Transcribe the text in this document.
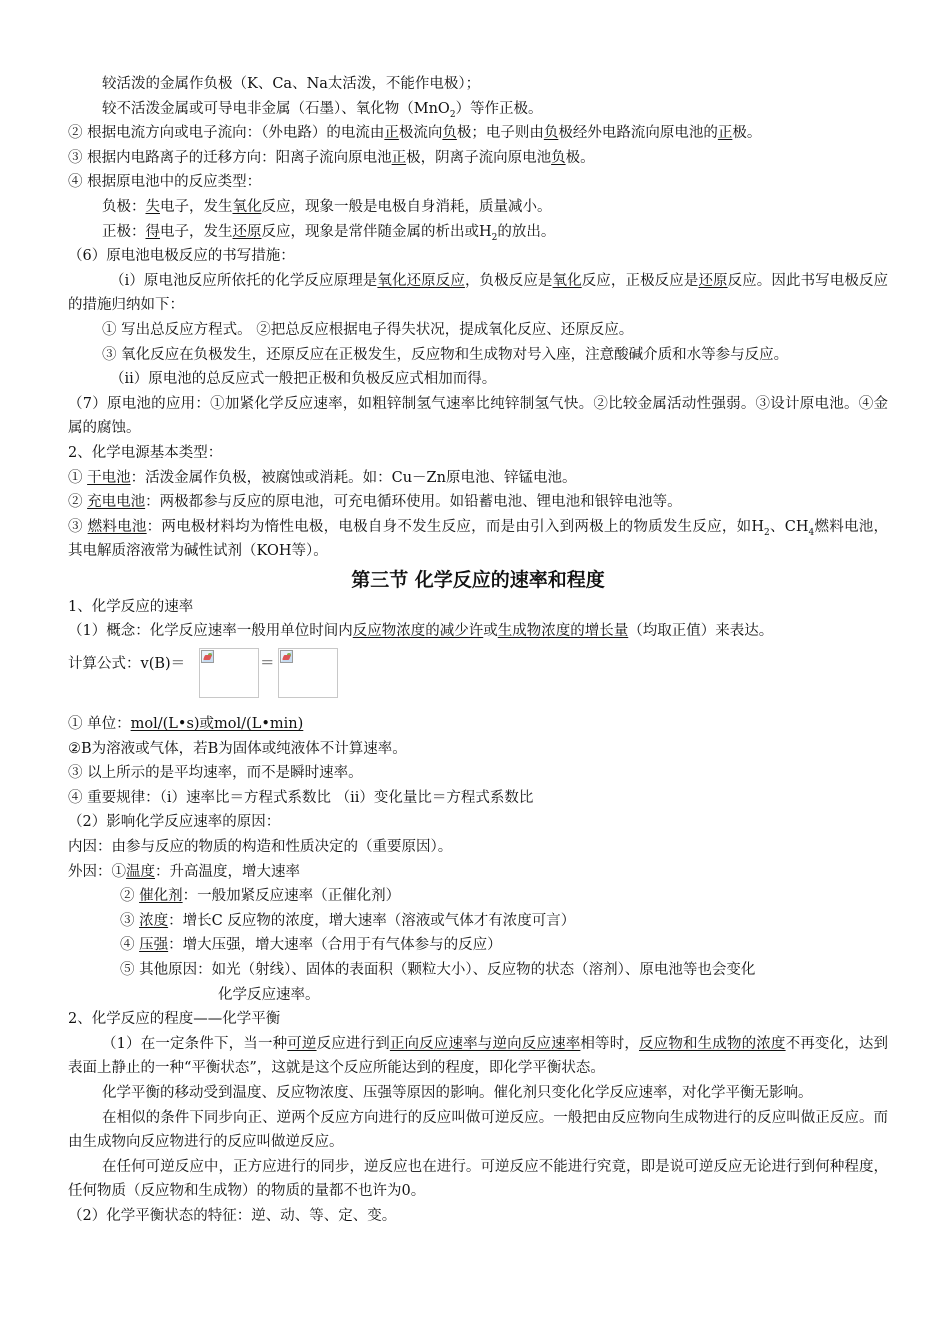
较活泼的金属作负极（K、Ca、Na太活泼，不能作电极）；
较不活泼金属或可导电非金属（石墨）、氧化物（MnO$_2$）等作正极。
② 根据电流方向或电子流向：（外电路）的电流由正极流向负极；电子则由负极经外电路流向原电池的正极。
③ 根据内电路离子的迁移方向：阳离子流向原电池正极，阴离子流向原电池负极。
④ 根据原电池中的反应类型：
负极：失电子，发生氧化反应，现象一般是电极自身消耗，质量减小。
正极：得电子，发生还原反应，现象是常伴随金属的析出或$H_2$的放出。
（6）原电池电极反应的书写措施：
（i）原电池反应所依托的化学反应原理是氧化还原反应，负极反应是氧化反应，正极反应是还原反应。因此书写电极反应的措施归纳如下：
① 写出总反应方程式。 ②把总反应根据电子得失状况，提成氧化反应、还原反应。
③ 氧化反应在负极发生，还原反应在正极发生，反应物和生成物对号入座，注意酸碱介质和水等参与反应。
（ii）原电池的总反应式一般把正极和负极反应式相加而得。
（7）原电池的应用：①加紧化学反应速率，如粗锌制氢气速率比纯锌制氢气快。②比较金属活动性强弱。③设计原电池。④金属的腐蚀。
2、化学电源基本类型：
① 干电池：活泼金属作负极，被腐蚀或消耗。如：Cu－Zn原电池、锌锰电池。
② 充电电池：两极都参与反应的原电池，可充电循环使用。如铅蓄电池、锂电池和银锌电池等。
③ 燃料电池：两电极材料均为惰性电极，电极自身不发生反应，而是由引入到两极上的物质发生反应，如$H_2$、$CH_4$燃料电池，其电解质溶液常为碱性试剂（KOH等）。
第三节 化学反应的速率和程度
1、化学反应的速率
（1）概念：化学反应速率一般用单位时间内反应物浓度的减少许或生成物浓度的增长量（均取正值）来表达。
计算公式：v(B)＝	＝
① 单位：mol/(L•s)或mol/(L•min)
②B为溶液或气体，若B为固体或纯液体不计算速率。
③ 以上所示的是平均速率，而不是瞬时速率。
④ 重要规律：（i）速率比＝方程式系数比 （ii）变化量比＝方程式系数比
（2）影响化学反应速率的原因：
内因：由参与反应的物质的构造和性质决定的（重要原因）。
外因：①温度：升高温度，增大速率
② 催化剂：一般加紧反应速率（正催化剂）
③ 浓度：增长C 反应物的浓度，增大速率（溶液或气体才有浓度可言）
④ 压强：增大压强，增大速率（合用于有气体参与的反应）
⑤ 其他原因：如光（射线）、固体的表面积（颗粒大小）、反应物的状态（溶剂）、原电池等也会变化
化学反应速率。
2、化学反应的程度——化学平衡
（1）在一定条件下，当一种可逆反应进行到正向反应速率与逆向反应速率相等时，反应物和生成物的浓度不再变化，达到表面上静止的一种“平衡状态”，这就是这个反应所能达到的程度，即化学平衡状态。
化学平衡的移动受到温度、反应物浓度、压强等原因的影响。催化剂只变化化学反应速率，对化学平衡无影响。
在相似的条件下同步向正、逆两个反应方向进行的反应叫做可逆反应。一般把由反应物向生成物进行的反应叫做正反应。而由生成物向反应物进行的反应叫做逆反应。
在任何可逆反应中，正方应进行的同步，逆反应也在进行。可逆反应不能进行究竟，即是说可逆反应无论进行到何种程度，任何物质（反应物和生成物）的物质的量都不也许为0。
（2）化学平衡状态的特征：逆、动、等、定、变。
